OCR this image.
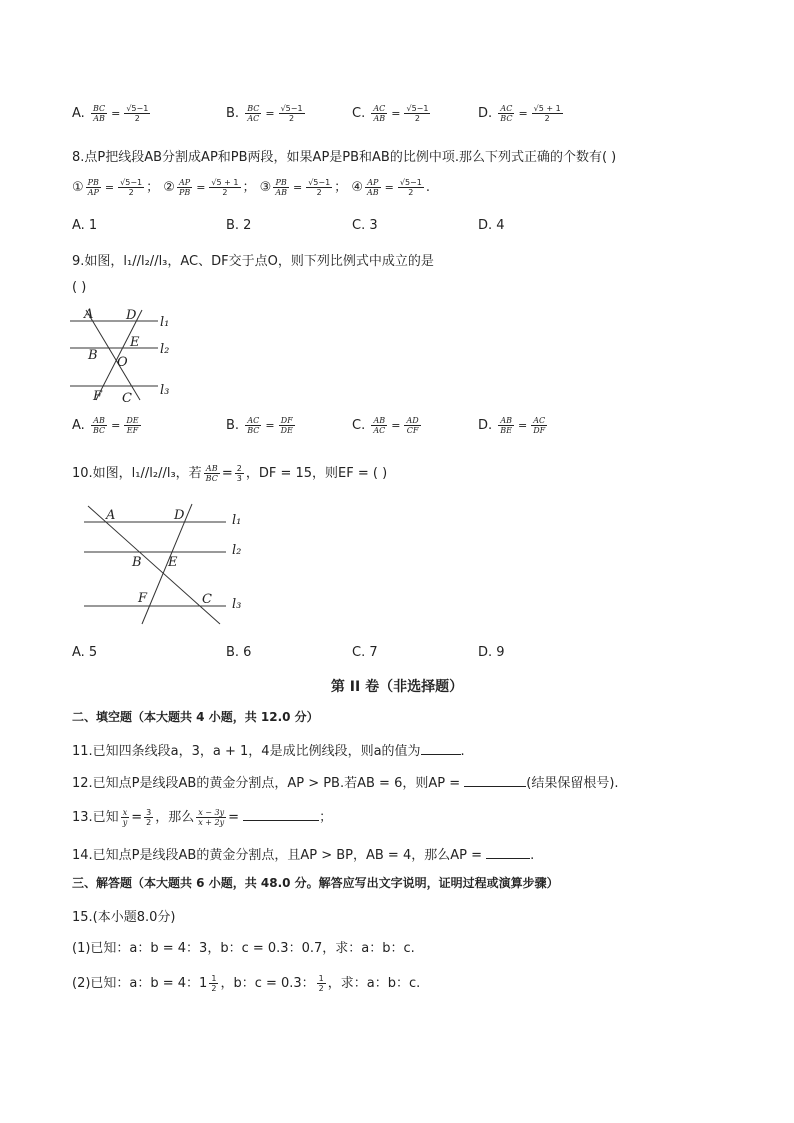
A. $\frac{BC}{AB} = \frac{√5-1}{2}$	B. $\frac{BC}{AC} = \frac{√5-1}{2}$	C. $\frac{AC}{AB} = \frac{√5-1}{2}$	D. $\frac{AC}{BC} = \frac{√5 + 1}{2}$
8.点P把线段AB分割成AP和PB两段，如果AP是PB和AB的比例中项.那么下列式正确的个数有( )
① $\frac{PB}{AP} = \frac{√5-1}{2}$ ； ② $\frac{AP}{PB} = \frac{√5 + 1}{2}$ ； ③ $\frac{PB}{AB} = \frac{√5-1}{2}$ ； ④ $\frac{AP}{AB} = \frac{√5-1}{2}$ .
A. 1	B. 2	C. 3	D. 4
9.如图，l₁//l₂//l₃，AC、DF交于点O，则下列比例式中成立的是
( )
A	D l₁
E l₂
B O
l₃
F C
A. $\frac{AB}{BC} = \frac{DE}{EF}$	B. $\frac{AC}{BC} = \frac{DF}{DE}$	C. $\frac{AB}{AC} = \frac{AD}{CF}$	D. $\frac{AB}{BE} = \frac{AC}{DF}$
10.如图，l₁//l₂//l₃，若 $\frac{AB}{BC} = \frac{2}{3}$ ，DF = 15，则EF = ( )
A	D	l₁
l₂
B E
F	C l₃
A. 5	B. 6	C. 7	D. 9
第 II 卷（非选择题）
二、填空题（本大题共 4 小题，共 12.0 分）
11.已知四条线段a，3，a + 1，4是成比例线段，则a的值为	.
12.已知点P是线段AB的黄金分割点，AP > PB.若AB = 6，则AP =	(结果保留根号).
13.已知 $\frac{x}{y} = \frac{3}{2}$ ，那么 $\frac{x - 3y}{x + 2y}$ =	；
14.已知点P是线段AB的黄金分割点，且AP > BP，AB = 4，那么AP =	.
三、解答题（本大题共 6 小题，共 48.0 分。解答应写出文字说明，证明过程或演算步骤）
15.(本小题8.0分)
(1)已知：a：b = 4：3，b：c = 0.3：0.7，求：a：b：c.
(2)已知：a：b = 4：$1 \frac{1}{2}$ ，b：c = 0.3： $\frac{1}{2}$ ，求：a：b：c.
